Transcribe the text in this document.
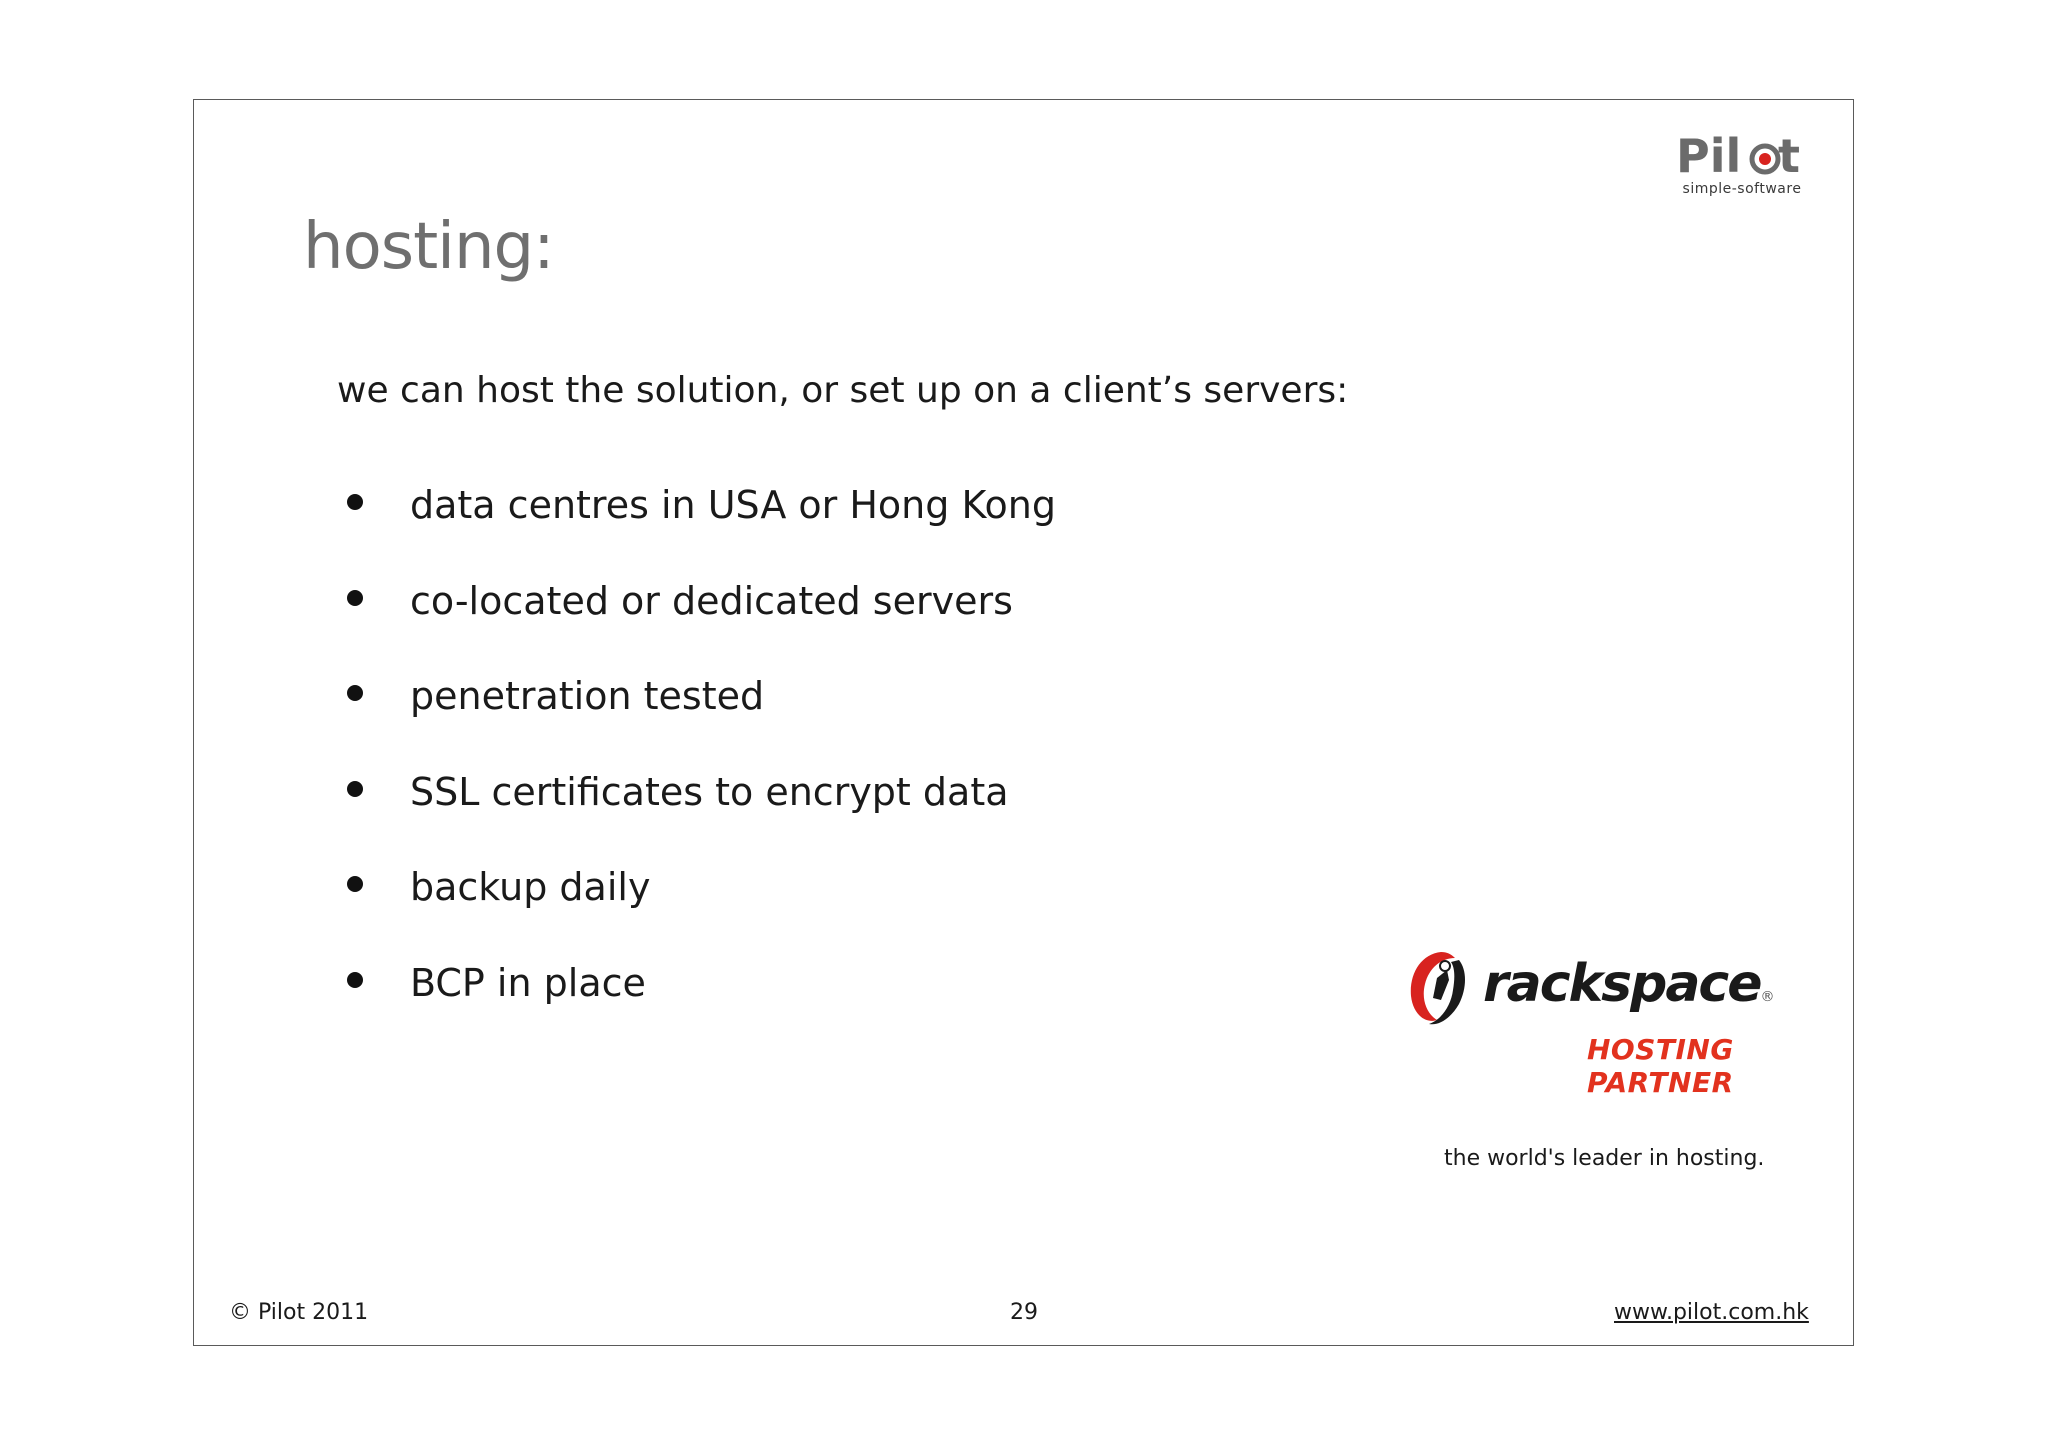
Pil t
simple-software
hosting:
we can host the solution, or set up on a client’s servers:
data centres in USA or Hong Kong
co-located or dedicated servers
penetration tested
SSL certificates to encrypt data
backup daily
BCP in place	rackspace®
HOSTING
PARTNER
the world's leader in hosting.
© Pilot 2011	29	www.pilot.com.hk
